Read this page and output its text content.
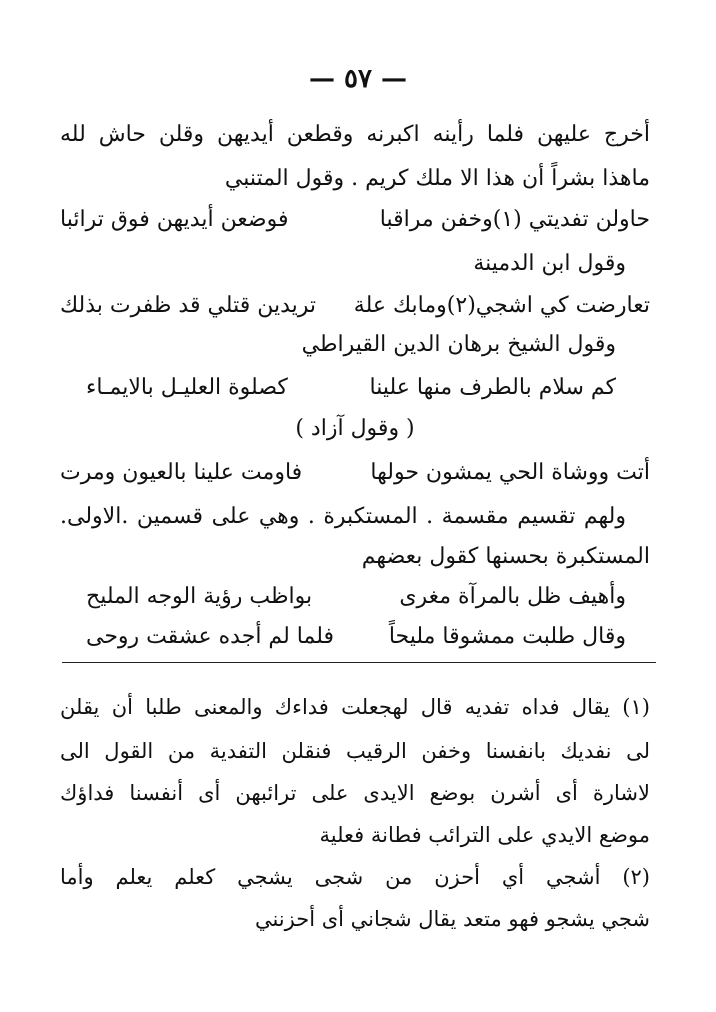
— ٥٧ —
أخرج عليهن فلما رأينه اكبرنه وقطعن أيديهن وقلن حاش لله
ماهذا بشراً أن هذا الا ملك كريم . وقول المتنبي
حاولن تفديتي (١)وخفن مراقبا
فوضعن أيديهن فوق ترائبا
وقول ابن الدمينة
تعارضت كي اشجي(٢)ومابك علة
تريدين قتلي قد ظفرت بذلك
وقول الشيخ برهان الدين القيراطي
كم سلام بالطرف منها علينا
كصلوة العليـل بالايمـاء
( وقول آزاد )
أتت ووشاة الحي يمشون حولها
فاومت علينا بالعيون ومرت
ولهم تقسيم مقسمة . المستكبرة . وهي على قسمين .الاولى.
المستكبرة بحسنها كقول بعضهم
وأهيف ظل بالمرآة مغرى
بواظب رؤية الوجه المليح
وقال طلبت ممشوقا مليحاً
فلما لم أجده عشقت روحى
(١) يقال فداه تفديه قال لهجعلت فداءك والمعنى طلبا أن يقلن
لى نفديك بانفسنا وخفن الرقيب فنقلن التفدية من القول الى
لاشارة أى أشرن بوضع الايدى على ترائبهن أى أنفسنا فداؤك
موضع الايدي على الترائب فطانة فعلية
(٢) أشجي أي أحزن من شجى يشجي كعلم يعلم وأما
شجي يشجو فهو متعد يقال شجاني أى أحزنني
